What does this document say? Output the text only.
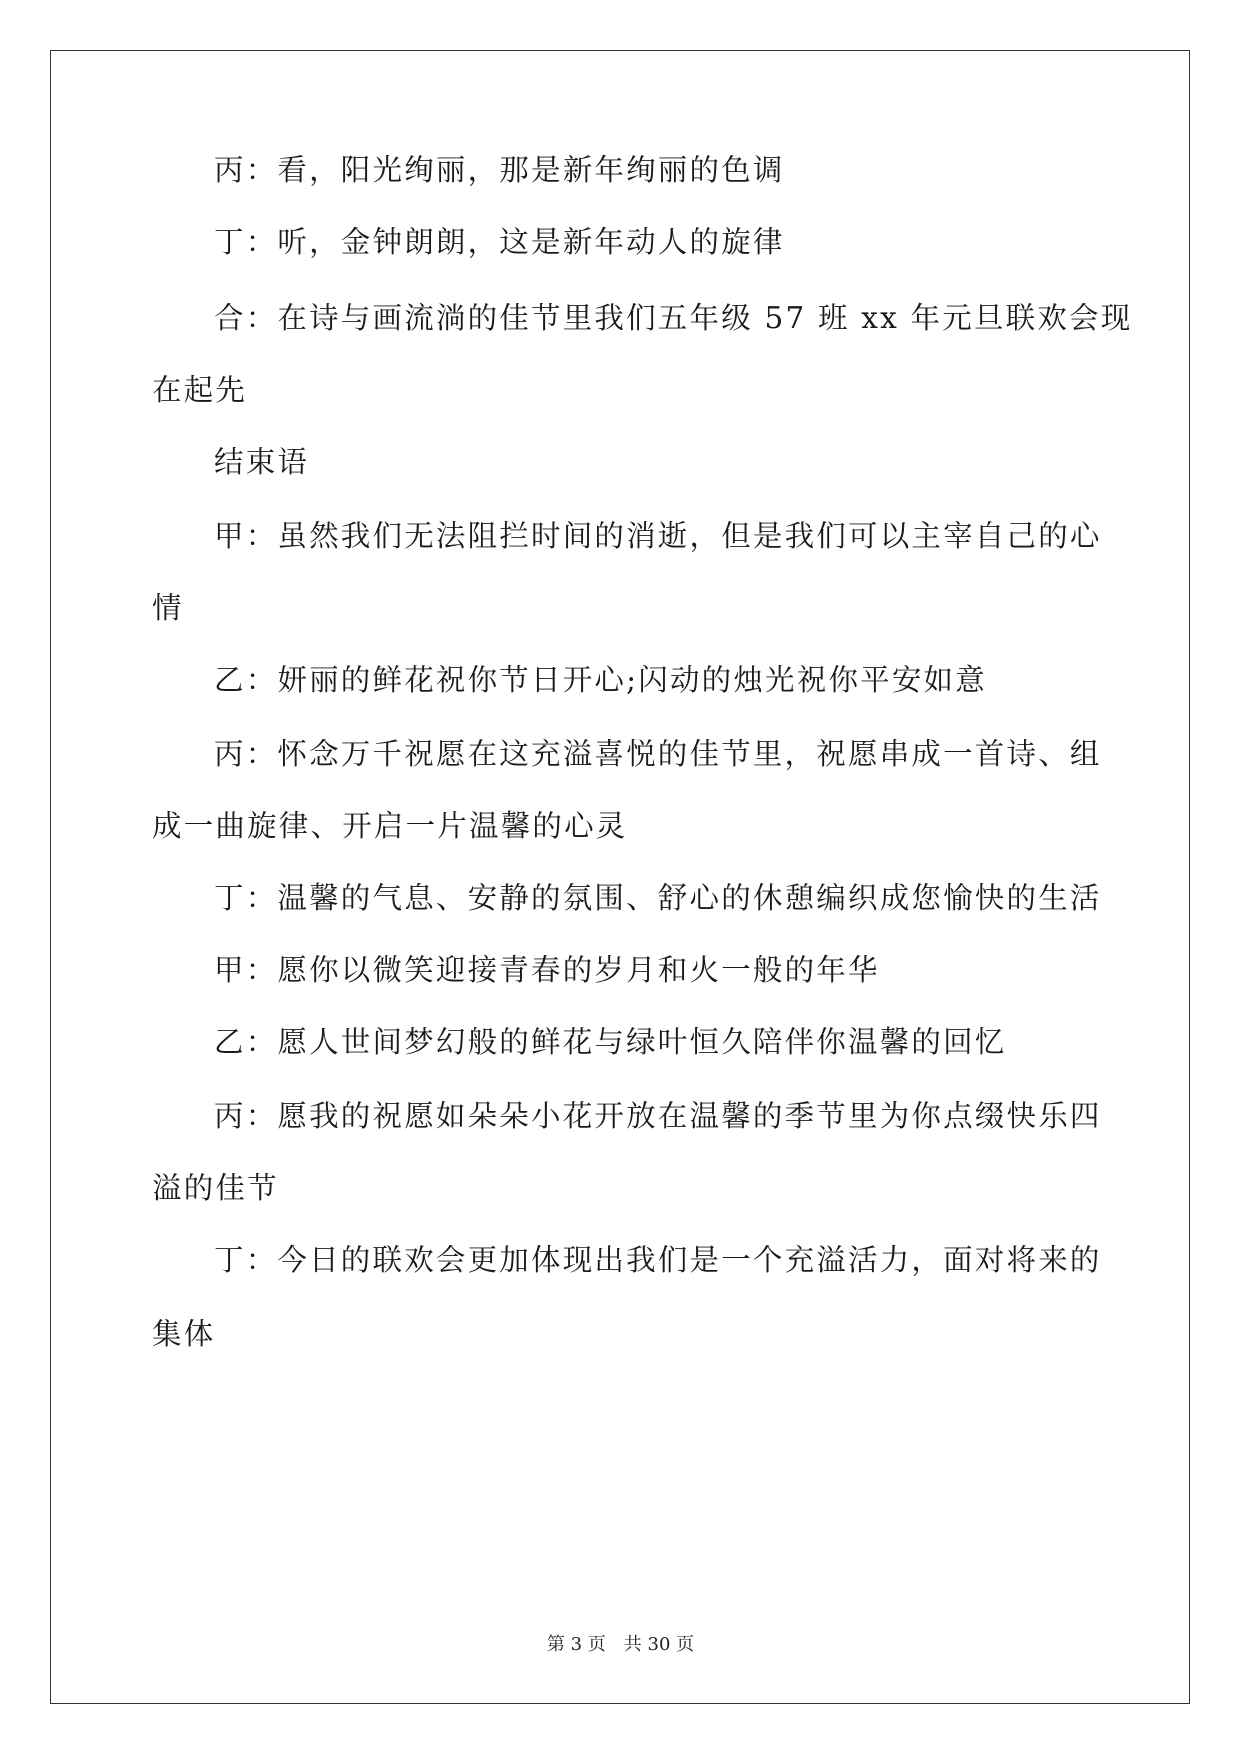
丙：看，阳光绚丽，那是新年绚丽的色调
丁：听，金钟朗朗，这是新年动人的旋律
合：在诗与画流淌的佳节里我们五年级 57 班 xx 年元旦联欢会现
在起先
结束语
甲：虽然我们无法阻拦时间的消逝，但是我们可以主宰自己的心
情
乙：妍丽的鲜花祝你节日开心;闪动的烛光祝你平安如意
丙：怀念万千祝愿在这充溢喜悦的佳节里，祝愿串成一首诗、组
成一曲旋律、开启一片温馨的心灵
丁：温馨的气息、安静的氛围、舒心的休憩编织成您愉快的生活
甲：愿你以微笑迎接青春的岁月和火一般的年华
乙：愿人世间梦幻般的鲜花与绿叶恒久陪伴你温馨的回忆
丙：愿我的祝愿如朵朵小花开放在温馨的季节里为你点缀快乐四
溢的佳节
丁：今日的联欢会更加体现出我们是一个充溢活力，面对将来的
集体
第 3 页　共 30 页
